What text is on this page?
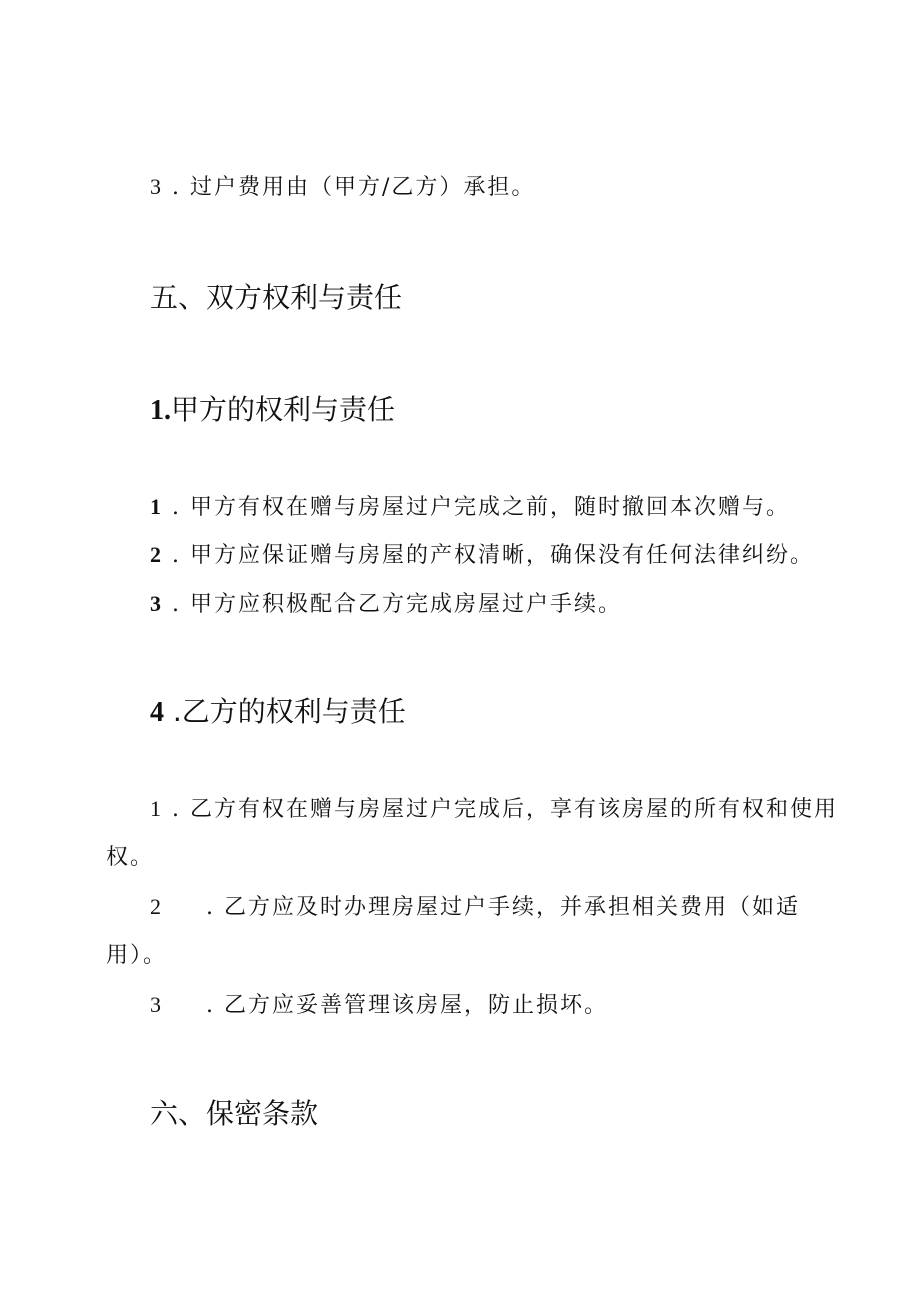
3 . 过户费用由（甲方/乙方）承担。
五、双方权利与责任
1.甲方的权利与责任
1 . 甲方有权在赠与房屋过户完成之前，随时撤回本次赠与。
2 . 甲方应保证赠与房屋的产权清晰，确保没有任何法律纠纷。
3 . 甲方应积极配合乙方完成房屋过户手续。
4 .乙方的权利与责任
1 . 乙方有权在赠与房屋过户完成后，享有该房屋的所有权和使用
权。
2 . 乙方应及时办理房屋过户手续，并承担相关费用（如适
用）。
3 . 乙方应妥善管理该房屋，防止损坏。
六、保密条款
